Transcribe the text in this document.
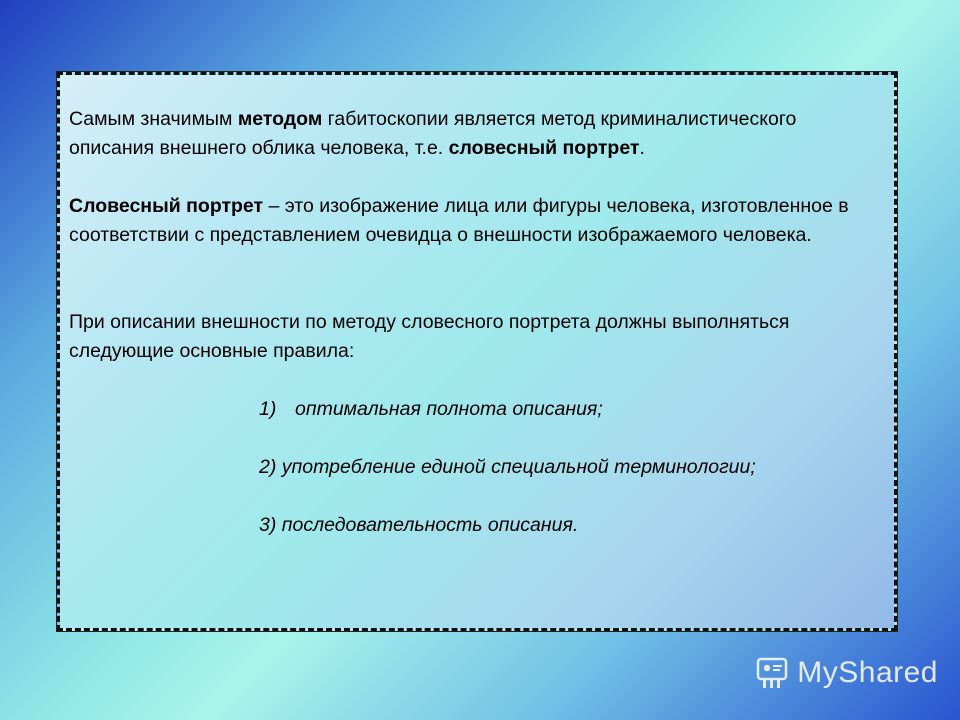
Самым значимым методом габитоскопии является метод криминалистического описания внешнего облика человека, т.е. словесный портрет.

Словесный портрет – это изображение лица или фигуры человека, изготовленное в соответствии с представлением очевидца о внешности изображаемого человека.

При описании внешности по методу словесного портрета должны выполняться следующие основные правила:

1) оптимальная полнота описания;
2) употребление единой специальной терминологии;
3) последовательность описания.
MyShared
